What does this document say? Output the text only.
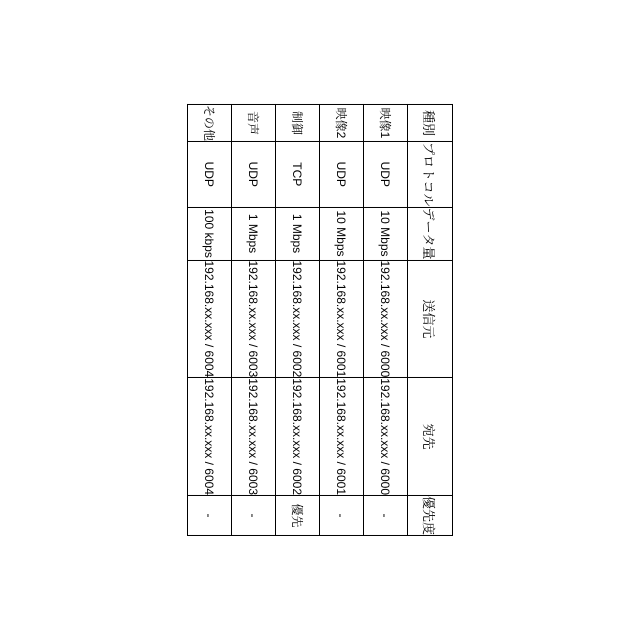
種別	プロトコル	データ量	送信元	宛先	優先度
映像1	UDP	10 Mbps	192.168.xx.xxx / 6000	192.168.xx.xxx / 6000	-
映像2	UDP	10 Mbps	192.168.xx.xxx / 6001	192.168.xx.xxx / 6001	-
制御	TCP	1 Mbps	192.168.xx.xxx / 6002	192.168.xx.xxx / 6002	優先
音声	UDP	1 Mbps	192.168.xx.xxx / 6003	192.168.xx.xxx / 6003	-
その他	UDP	100 kbps	192.168.xx.xxx / 6004	192.168.xx.xxx / 6004	-
